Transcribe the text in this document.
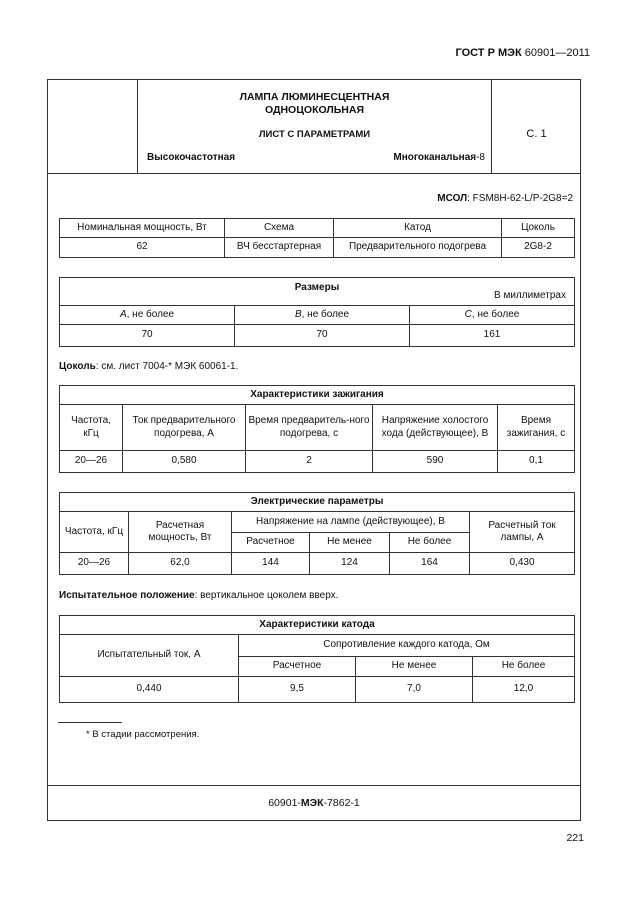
ГОСТ Р МЭК 60901—2011
ЛАМПА ЛЮМИНЕСЦЕНТНАЯ
ОДНОЦОКОЛЬНАЯ
ЛИСТ С ПАРАМЕТРАМИ	С. 1
Высокочастотная	Многоканальная-8
МСОЛ: FSM8H-62-L/P-2G8=2
Номинальная мощность, Вт	Схема	Катод	Цоколь
62	ВЧ бесстартерная	Предварительного подогрева	2G8-2
Размеры
В миллиметрах		

A, не более	B, не более	C, не более
70	70	161
Цоколь: см. лист 7004-* МЭК 60061-1.
Характеристики зажигания				
Частота, кГц	Ток предварительного подогрева, А	Время предваритель-ного подогрева, с	Напряжение холостого хода (действующее), В	Время зажигания, с
20—26	0,580	2	590	0,1
Электрические параметры					
Частота, кГц	Расчетная мощность, Вт	Напряжение на лампе (действующее), В			Расчетный ток лампы, А
		Расчетное	Не менее	Не более	
20—26	62,0	144	124	164	0,430
Испытательное положение: вертикальное цоколем вверх.
Характеристики катода			
Испытательный ток, А	Сопротивление каждого катода, Ом		
	Расчетное	Не менее	Не более
0,440	9,5	7,0	12,0
* В стадии рассмотрения.
60901-МЭК-7862-1
221
